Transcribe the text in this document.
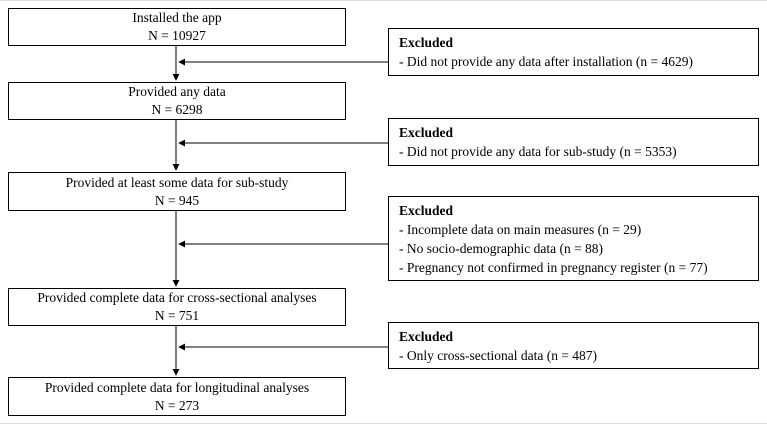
Installed the app
N = 10927
Provided any data
N = 6298
Provided at least some data for sub-study
N = 945
Provided complete data for cross-sectional analyses
N = 751
Provided complete data for longitudinal analyses
N = 273
Excluded
- Did not provide any data after installation (n = 4629)
Excluded
- Did not provide any data for sub-study (n = 5353)
Excluded
- Incomplete data on main measures (n = 29)
- No socio-demographic data (n = 88)
- Pregnancy not confirmed in pregnancy register (n = 77)
Excluded
- Only cross-sectional data (n = 487)
